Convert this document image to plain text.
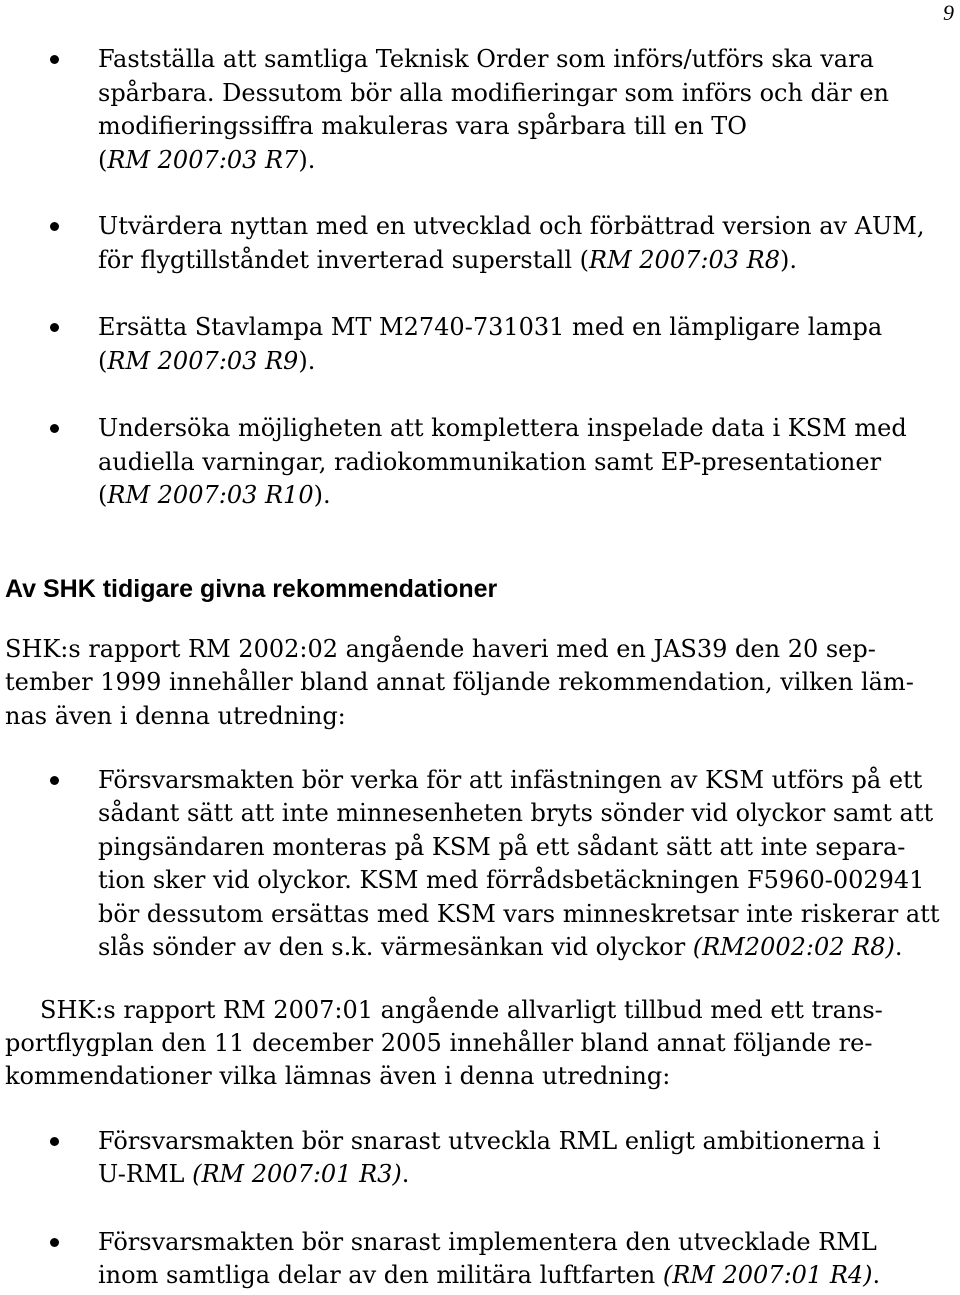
9
Fastställa att samtliga Teknisk Order som införs/utförs ska vara
spårbara. Dessutom bör alla modifieringar som införs och där en
modifieringssiffra makuleras vara spårbara till en TO
(RM 2007:03 R7).
Utvärdera nyttan med en utvecklad och förbättrad version av AUM,
för flygtillståndet inverterad superstall (RM 2007:03 R8).
Ersätta Stavlampa MT M2740-731031 med en lämpligare lampa
(RM 2007:03 R9).
Undersöka möjligheten att komplettera inspelade data i KSM med
audiella varningar, radiokommunikation samt EP-presentationer
(RM 2007:03 R10).
Av SHK tidigare givna rekommendationer
SHK:s rapport RM 2002:02 angående haveri med en JAS39 den 20 sep-
tember 1999 innehåller bland annat följande rekommendation, vilken läm-
nas även i denna utredning:
Försvarsmakten bör verka för att infästningen av KSM utförs på ett
sådant sätt att inte minnesenheten bryts sönder vid olyckor samt att
pingsändaren monteras på KSM på ett sådant sätt att inte separa-
tion sker vid olyckor. KSM med förrådsbetäckningen F5960-002941
bör dessutom ersättas med KSM vars minneskretsar inte riskerar att
slås sönder av den s.k. värmesänkan vid olyckor (RM2002:02 R8).
SHK:s rapport RM 2007:01 angående allvarligt tillbud med ett trans-
portflygplan den 11 december 2005 innehåller bland annat följande re-
kommendationer vilka lämnas även i denna utredning:
Försvarsmakten bör snarast utveckla RML enligt ambitionerna i
U-RML (RM 2007:01 R3).
Försvarsmakten bör snarast implementera den utvecklade RML
inom samtliga delar av den militära luftfarten (RM 2007:01 R4).
